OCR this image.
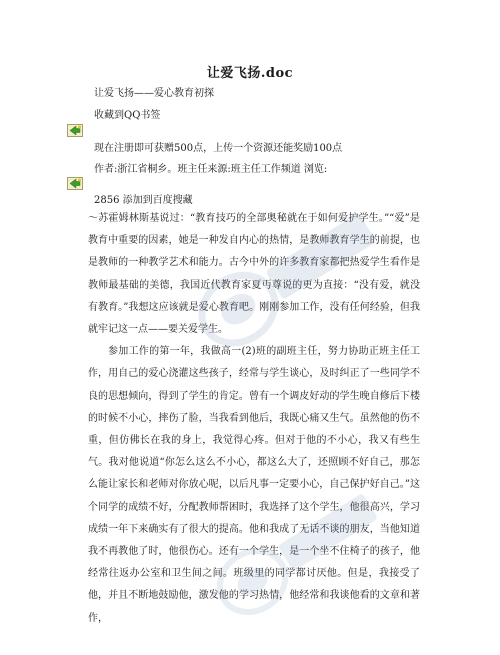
让爱飞扬.doc
让爱飞扬——爱心教育初探
收藏到QQ书签
现在注册即可获赠500点，上传一个资源还能奖励100点
作者:浙江省桐乡。班主任来源:班主任工作频道 浏览:
2856 添加到百度搜藏

～苏霍姆林斯基说过：“教育技巧的全部奥秘就在于如何爱护学生。”“爱”是教育中重要的因素，她是一种发自内心的热情，是教师教育学生的前提，也是教师的一种教学艺术和能力。古今中外的许多教育家都把热爱学生看作是教师最基础的美德，我国近代教育家夏丏尊说的更为直接：“没有爱，就没有教育。”我想这应该就是爱心教育吧。刚刚参加工作，没有任何经验，但我就牢记这一点——要关爱学生。

参加工作的第一年，我做高一(2)班的副班主任，努力协助正班主任工作，用自己的爱心浇灌这些孩子，经常与学生谈心，及时纠正了一些同学不良的思想倾向，得到了学生的肯定。曾有一个调皮好动的学生晚自修后下楼的时候不小心，摔伤了脸，当我看到他后，我既心痛又生气。虽然他的伤不重，但仿佛长在我的身上，我觉得心疼。但对于他的不小心，我又有些生气。我对他说道“你怎么这么不小心，都这么大了，还照顾不好自己，那怎么能让家长和老师对你放心呢，以后凡事一定要小心，自己保护好自己。”这个同学的成绩不好，分配教师帮困时，我选择了这个学生，他很高兴，学习成绩一年下来确实有了很大的提高。他和我成了无话不谈的朋友，当他知道我不再教他了时，他很伤心。还有一个学生，是一个坐不住椅子的孩子，他经常往返办公室和卫生间之间。班级里的同学都讨厌他。但是，我接受了他，并且不断地鼓励他，激发他的学习热情，他经常和我谈他看的文章和著作，
